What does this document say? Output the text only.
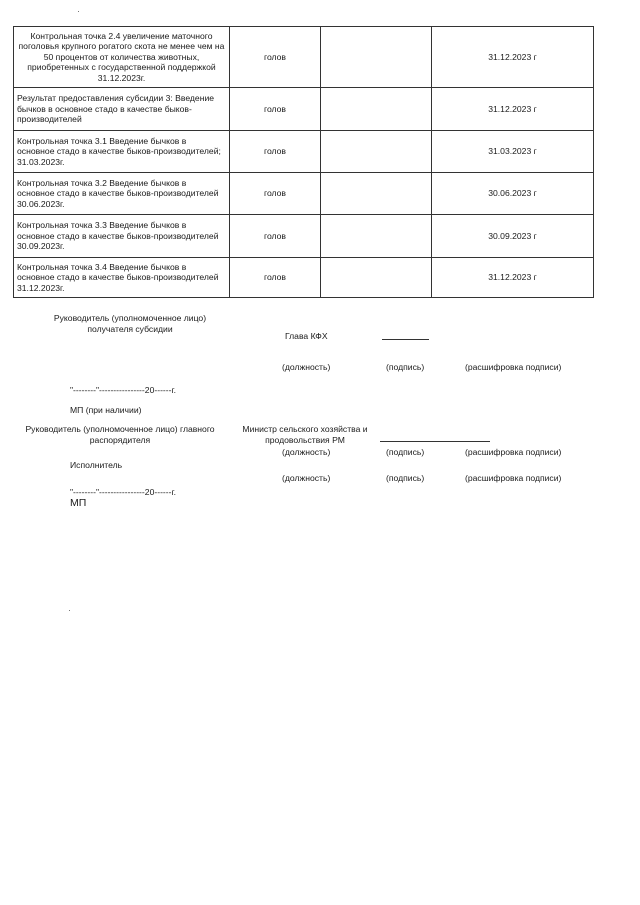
Контрольная точка 2.4 увеличение маточного поголовья крупного рогатого скота не менее чем на 50 процентов от количества животных, приобретенных с государственной поддержкой 31.12.2023г.	голов		31.12.2023 г
Результат предоставления субсидии 3: Введение бычков в основное стадо в качестве быков-производителей	голов		31.12.2023 г
Контрольная точка 3.1 Введение бычков в основное стадо в качестве быков-производителей; 31.03.2023г.	голов		31.03.2023 г
Контрольная точка 3.2 Введение бычков в основное стадо в качестве быков-производителей 30.06.2023г.	голов		30.06.2023 г
Контрольная точка 3.3 Введение бычков в основное стадо в качестве быков-производителей 30.09.2023г.	голов		30.09.2023 г
Контрольная точка 3.4 Введение бычков в основное стадо в качестве быков-производителей 31.12.2023г.	голов		31.12.2023 г
Руководитель (уполномоченное лицо)
получателя субсидии
Глава КФХ
(должность)	(подпись)	(расшифровка подписи)
"--------"----------------20------г.
МП (при наличии)
Руководитель (уполномоченное лицо) главного
распорядителя
Министр сельского хозяйства и
продовольствия РМ
(должность)	(подпись)	(расшифровка подписи)
Исполнитель
(должность)	(подпись)	(расшифровка подписи)
"--------"----------------20------г.
МП
